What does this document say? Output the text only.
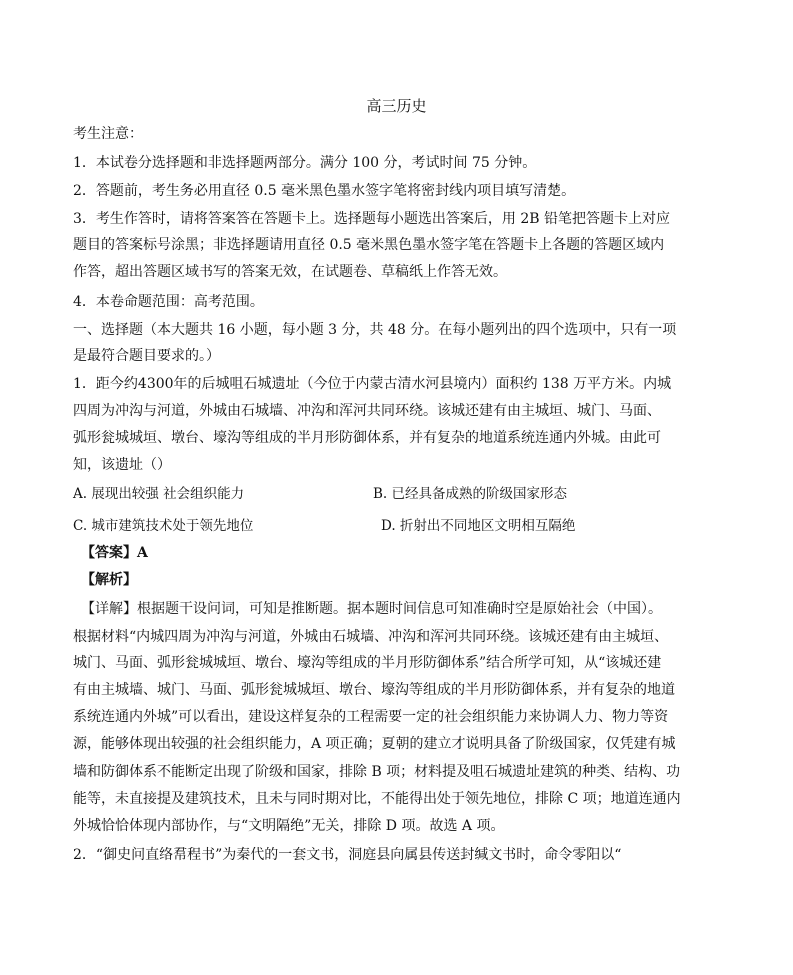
高三历史
考生注意：
1．本试卷分选择题和非选择题两部分。满分 100 分，考试时间 75 分钟。
2．答题前，考生务必用直径 0.5 毫米黑色墨水签字笔将密封线内项目填写清楚。
3．考生作答时，请将答案答在答题卡上。选择题每小题选出答案后，用 2B 铅笔把答题卡上对应
题目的答案标号涂黑；非选择题请用直径 0.5 毫米黑色墨水签字笔在答题卡上各题的答题区域内
作答，超出答题区域书写的答案无效，在试题卷、草稿纸上作答无效。
4．本卷命题范围：高考范围。
一、选择题（本大题共 16 小题，每小题 3 分，共 48 分。在每小题列出的四个选项中，只有一项
是最符合题目要求的。）
1．距今约4300年的后城咀石城遗址（今位于内蒙古清水河县境内）面积约 138 万平方米。内城
四周为冲沟与河道，外城由石城墙、冲沟和浑河共同环绕。该城还建有由主城垣、城门、马面、
弧形瓮城城垣、墩台、壕沟等组成的半月形防御体系，并有复杂的地道系统连通内外城。由此可
知，该遗址（）
A. 展现出较强 社会组织能力	B. 已经具备成熟的阶级国家形态
C. 城市建筑技术处于领先地位	D. 折射出不同地区文明相互隔绝
【答案】A
【解析】
【详解】根据题干设问词，可知是推断题。据本题时间信息可知准确时空是原始社会（中国）。
根据材料“内城四周为冲沟与河道，外城由石城墙、冲沟和浑河共同环绕。该城还建有由主城垣、
城门、马面、弧形瓮城城垣、墩台、壕沟等组成的半月形防御体系”结合所学可知，从“该城还建
有由主城墙、城门、马面、弧形瓮城城垣、墩台、壕沟等组成的半月形防御体系，并有复杂的地道
系统连通内外城”可以看出，建设这样复杂的工程需要一定的社会组织能力来协调人力、物力等资
源，能够体现出较强的社会组织能力，A 项正确；夏朝的建立才说明具备了阶级国家，仅凭建有城
墙和防御体系不能断定出现了阶级和国家，排除 B 项；材料提及咀石城遗址建筑的种类、结构、功
能等，未直接提及建筑技术，且未与同时期对比，不能得出处于领先地位，排除 C 项；地道连通内
外城恰恰体现内部协作，与“文明隔绝”无关，排除 D 项。故选 A 项。
2．“御史问直络帬程书”为秦代的一套文书，洞庭县向属县传送封缄文书时，命令零阳以“
